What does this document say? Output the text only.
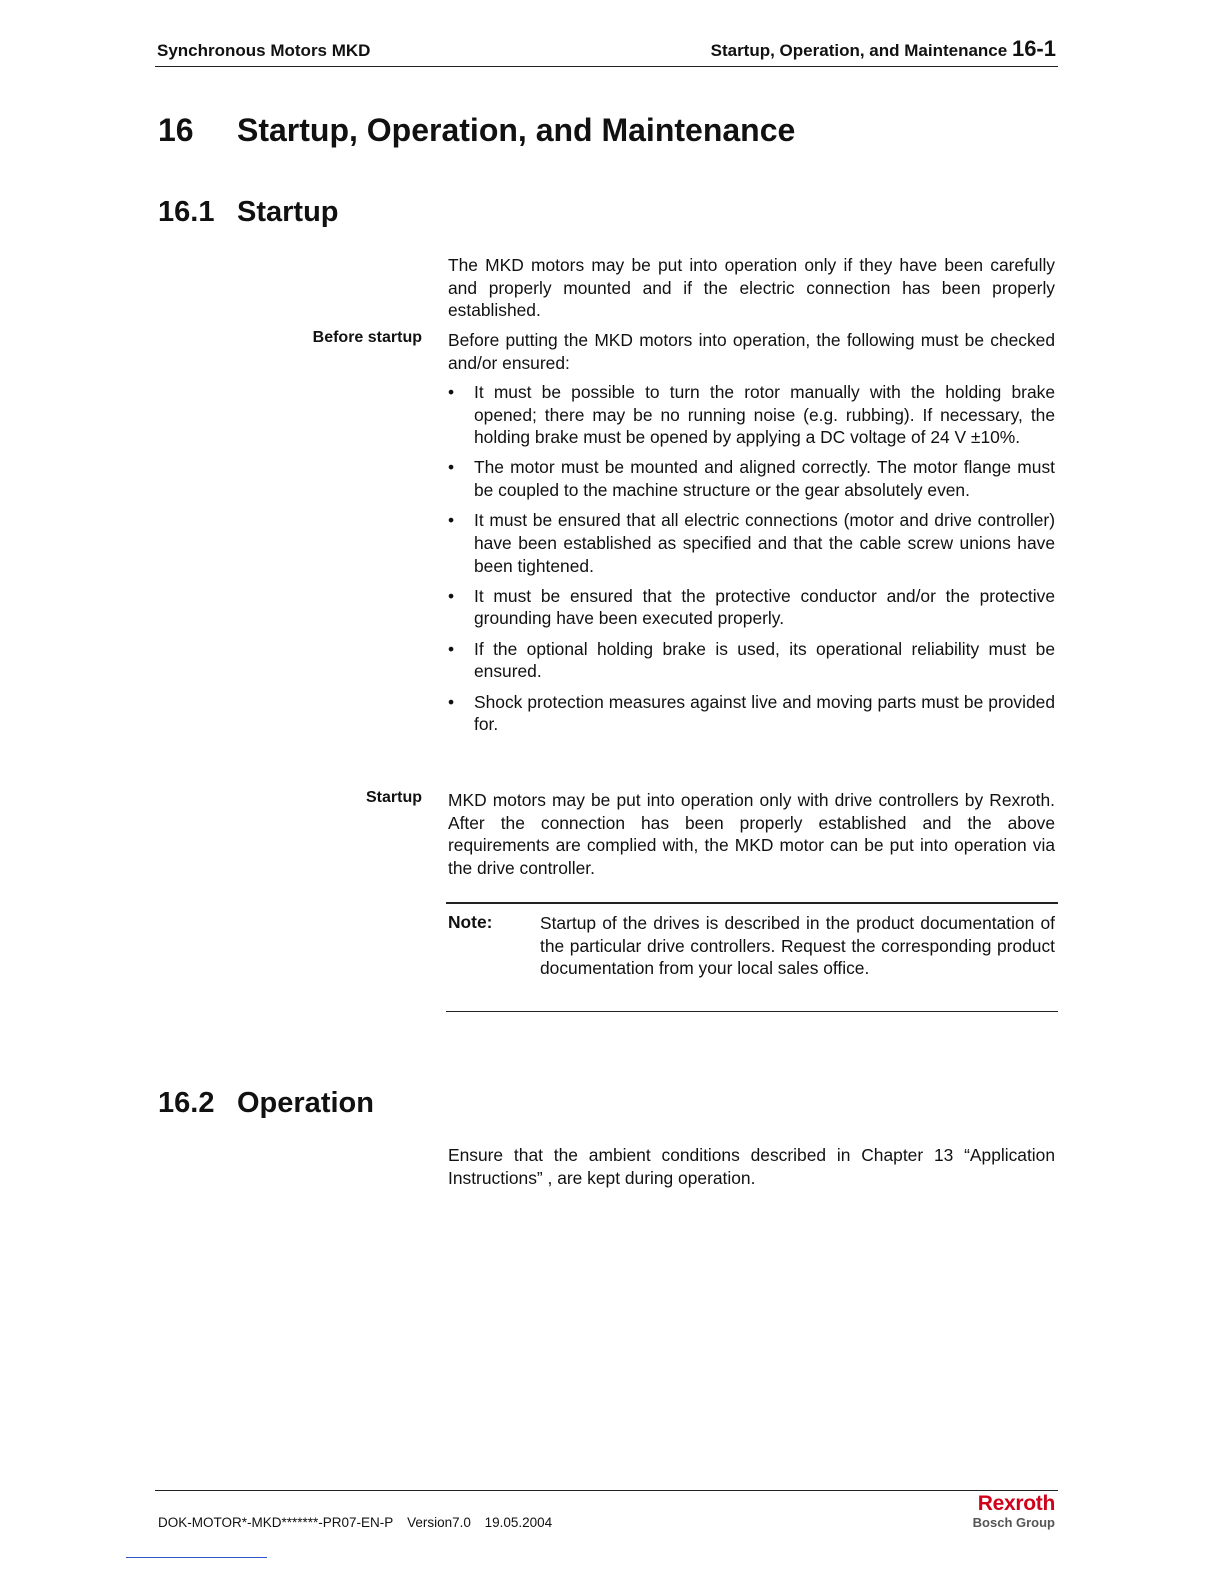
Synchronous Motors MKD	Startup, Operation, and Maintenance 16-1
16 Startup, Operation, and Maintenance
16.1 Startup

The MKD motors may be put into operation only if they have been carefully and properly mounted and if the electric connection has been properly established.

Before startup Before putting the MKD motors into operation, the following must be checked and/or ensured:

•	It must be possible to turn the rotor manually with the holding brake opened; there may be no running noise (e.g. rubbing). If necessary, the holding brake must be opened by applying a DC voltage of 24 V ±10%.
•	The motor must be mounted and aligned correctly. The motor flange must be coupled to the machine structure or the gear absolutely even.
•	It must be ensured that all electric connections (motor and drive controller) have been established as specified and that the cable screw unions have been tightened.
•	It must be ensured that the protective conductor and/or the protective grounding have been executed properly.
•	If the optional holding brake is used, its operational reliability must be ensured.
•	Shock protection measures against live and moving parts must be provided for.
Startup MKD motors may be put into operation only with drive controllers by Rexroth. After the connection has been properly established and the above requirements are complied with, the MKD motor can be put into operation via the drive controller.

Note:	Startup of the drives is described in the product documentation of the particular drive controllers. Request the corresponding product documentation from your local sales office.
16.2 Operation

Ensure that the ambient conditions described in Chapter 13 “Application Instructions” , are kept during operation.

DOK-MOTOR*-MKD*******-PR07-EN-P Version7.0 19.05.2004
Rexroth
Bosch Group
